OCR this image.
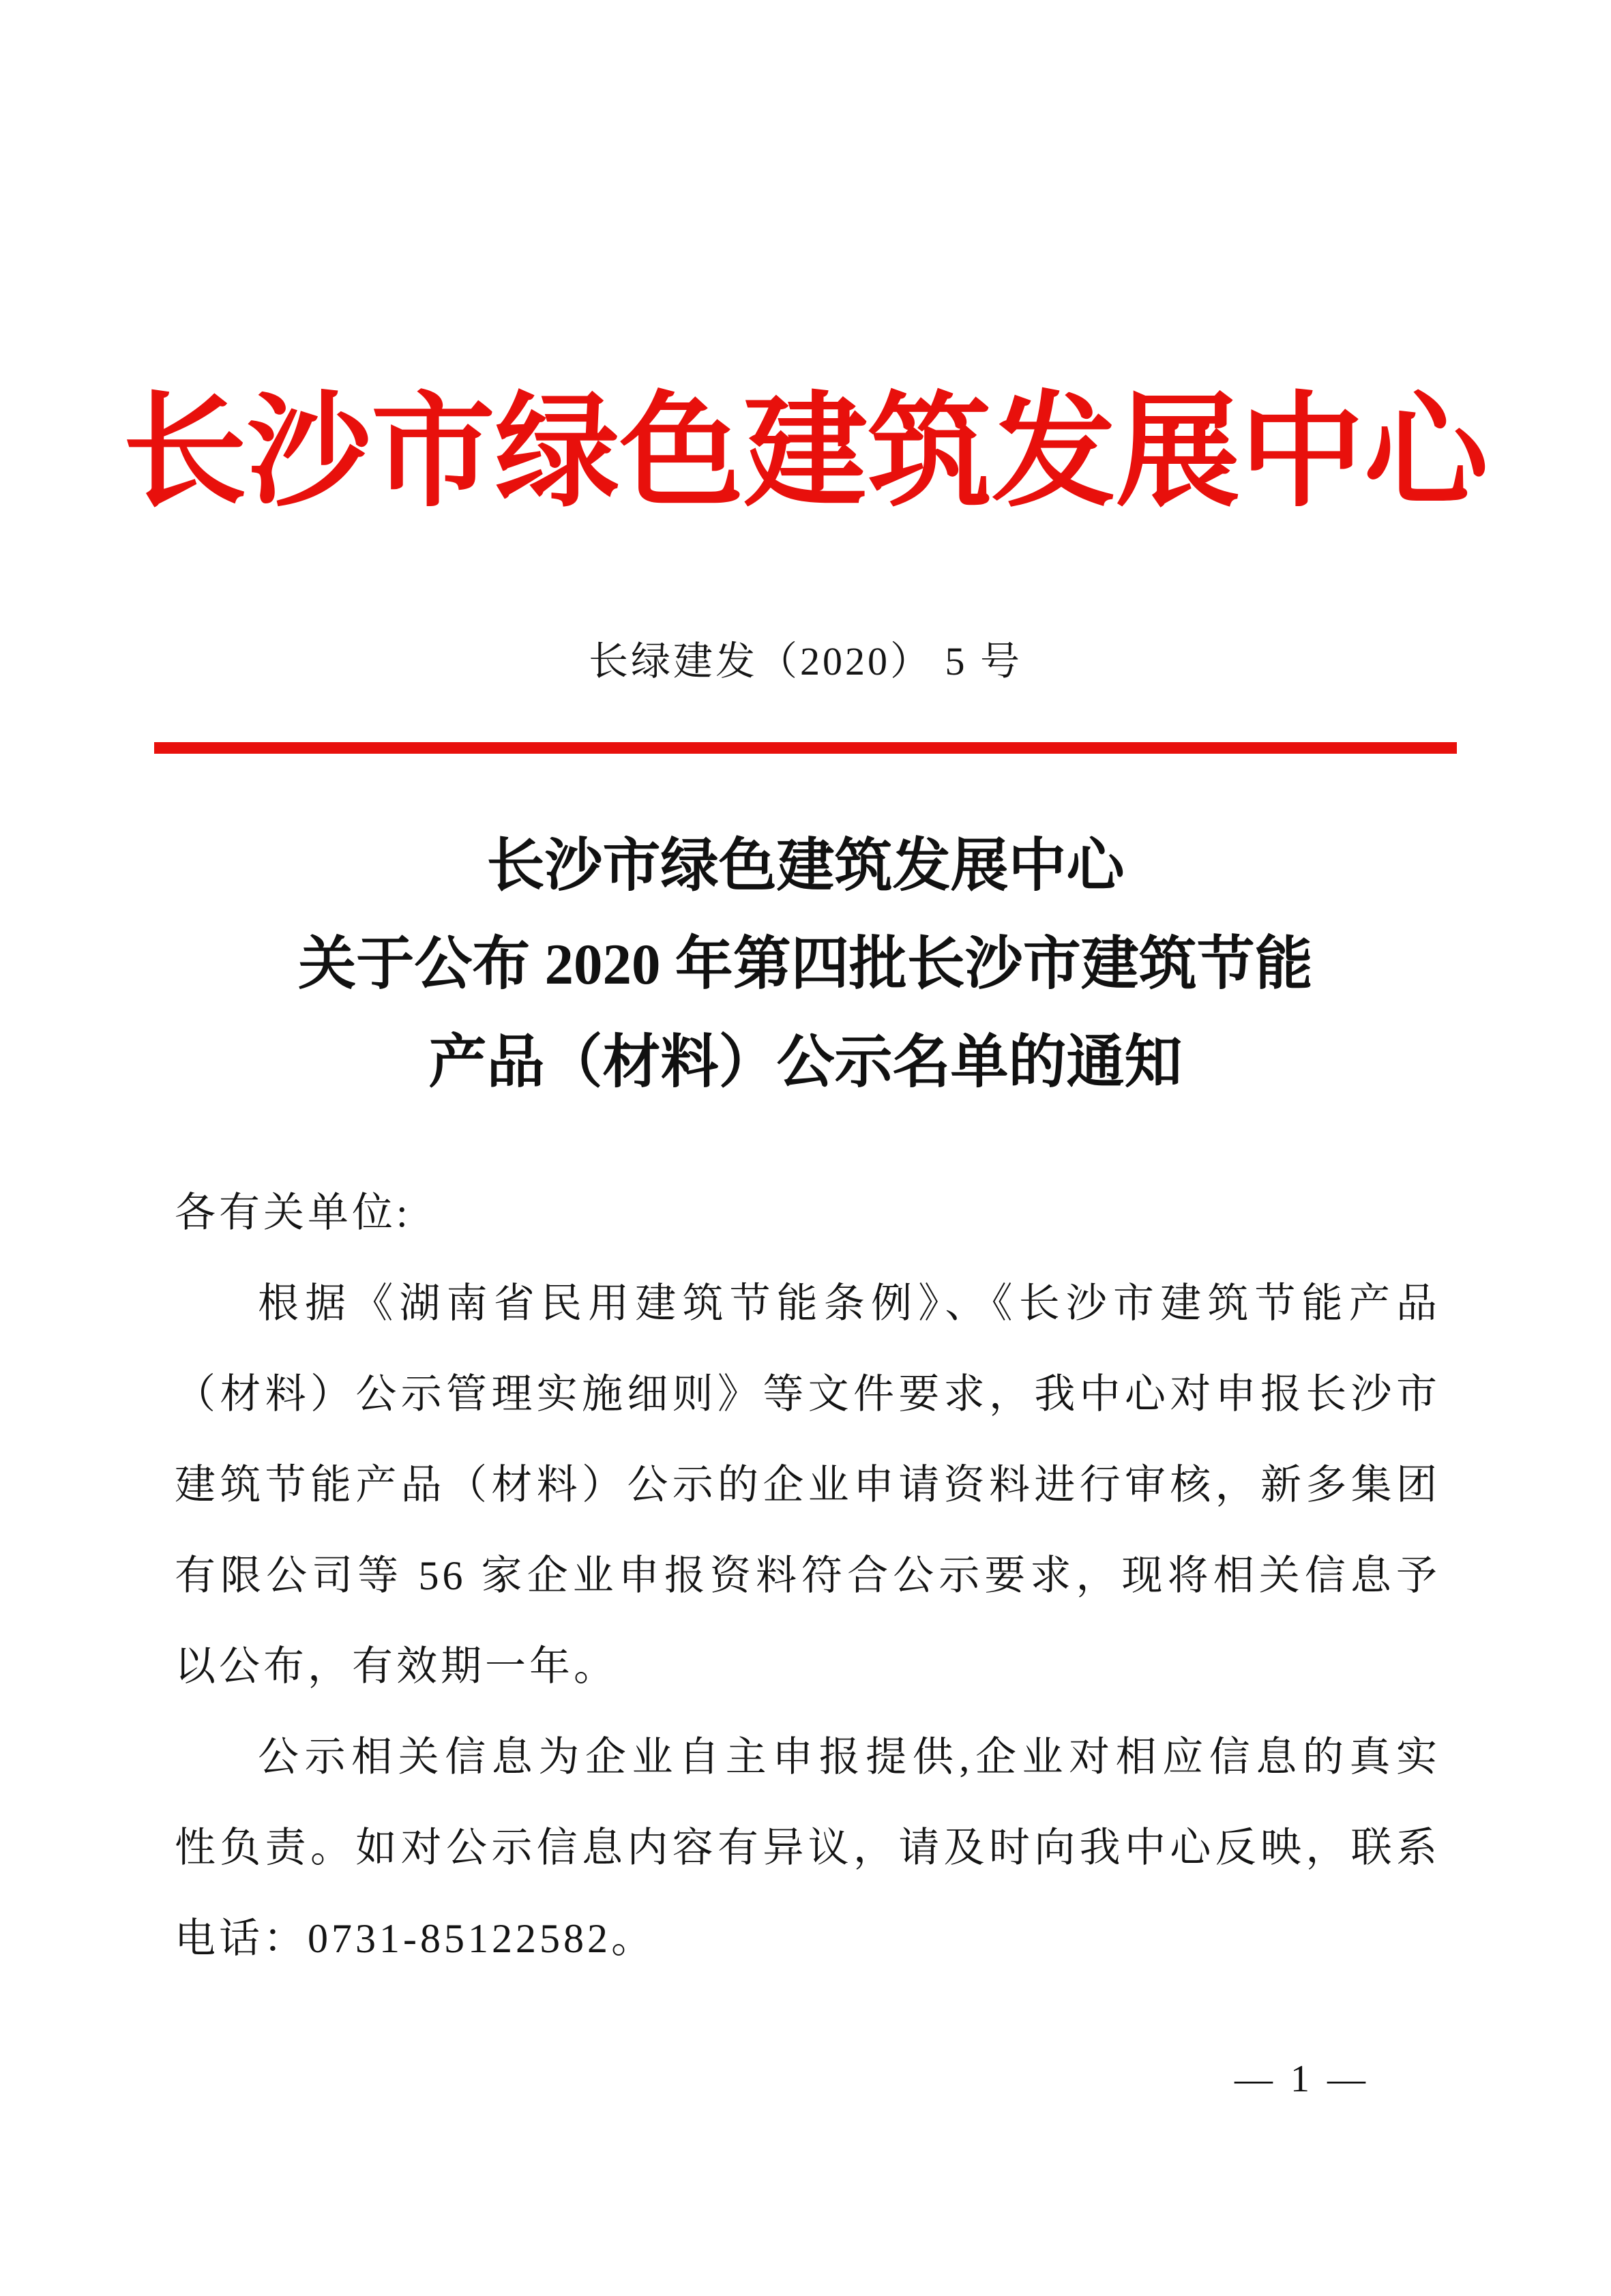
长沙市绿色建筑发展中心
长绿建发（2020） 5 号
长沙市绿色建筑发展中心
关于公布 2020 年第四批长沙市建筑节能
产品（材料）公示名单的通知
各有关单位:
根据《湖南省民用建筑节能条例》、《长沙市建筑节能产品
（材料）公示管理实施细则》等文件要求，我中心对申报长沙市
建筑节能产品（材料）公示的企业申请资料进行审核，新多集团
有限公司等 56 家企业申报资料符合公示要求，现将相关信息予
以公布，有效期一年。
公示相关信息为企业自主申报提供,企业对相应信息的真实
性负责。如对公示信息内容有异议，请及时向我中心反映，联系
电话：0731-85122582。
— 1 —
